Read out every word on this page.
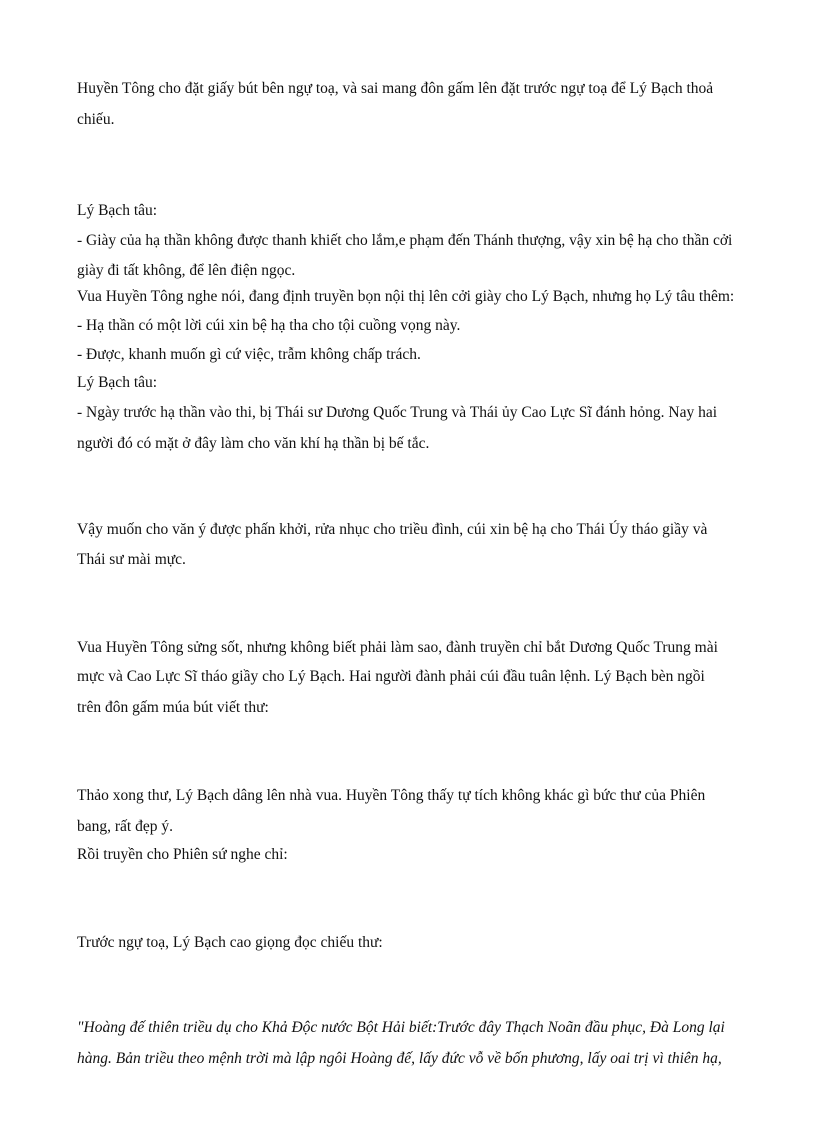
Huyền Tông cho đặt giấy bút bên ngự toạ, và sai mang đôn gấm lên đặt trước ngự toạ để Lý Bạch thoả
chiếu.
Lý Bạch tâu:
- Giày của hạ thần không được thanh khiết cho lắm,e phạm đến Thánh thượng, vậy xin bệ hạ cho thần cởi
giày đi tất không, để lên điện ngọc.
Vua Huyền Tông nghe nói, đang định truyền bọn nội thị lên cởi giày cho Lý Bạch, nhưng họ Lý tâu thêm:
- Hạ thần có một lời cúi xin bệ hạ tha cho tội cuồng vọng này.
- Được, khanh muốn gì cứ việc, trẫm không chấp trách.
Lý Bạch tâu:
- Ngày trước hạ thần vào thi, bị Thái sư Dương Quốc Trung và Thái ủy Cao Lực Sĩ đánh hỏng. Nay hai
người đó có mặt ở đây làm cho văn khí hạ thần bị bế tắc.
Vậy muốn cho văn ý được phấn khởi, rửa nhục cho triều đình, cúi xin bệ hạ cho Thái Úy tháo giầy và
Thái sư mài mực.
Vua Huyền Tông sửng sốt, nhưng không biết phải làm sao, đành truyền chỉ bắt Dương Quốc Trung mài
mực và Cao Lực Sĩ tháo giầy cho Lý Bạch. Hai người đành phải cúi đầu tuân lệnh. Lý Bạch bèn ngồi
trên đôn gấm múa bút viết thư:
Thảo xong thư, Lý Bạch dâng lên nhà vua. Huyền Tông thấy tự tích không khác gì bức thư của Phiên
bang, rất đẹp ý.
Rồi truyền cho Phiên sứ nghe chỉ:
Trước ngự toạ, Lý Bạch cao giọng đọc chiếu thư:
"Hoàng đế thiên triều dụ cho Khả Độc nước Bột Hải biết:Trước đây Thạch Noãn đầu phục, Đà Long lại
hàng. Bản triều theo mệnh trời mà lập ngôi Hoàng đế, lấy đức vỗ về bốn phương, lấy oai trị vì thiên hạ,
